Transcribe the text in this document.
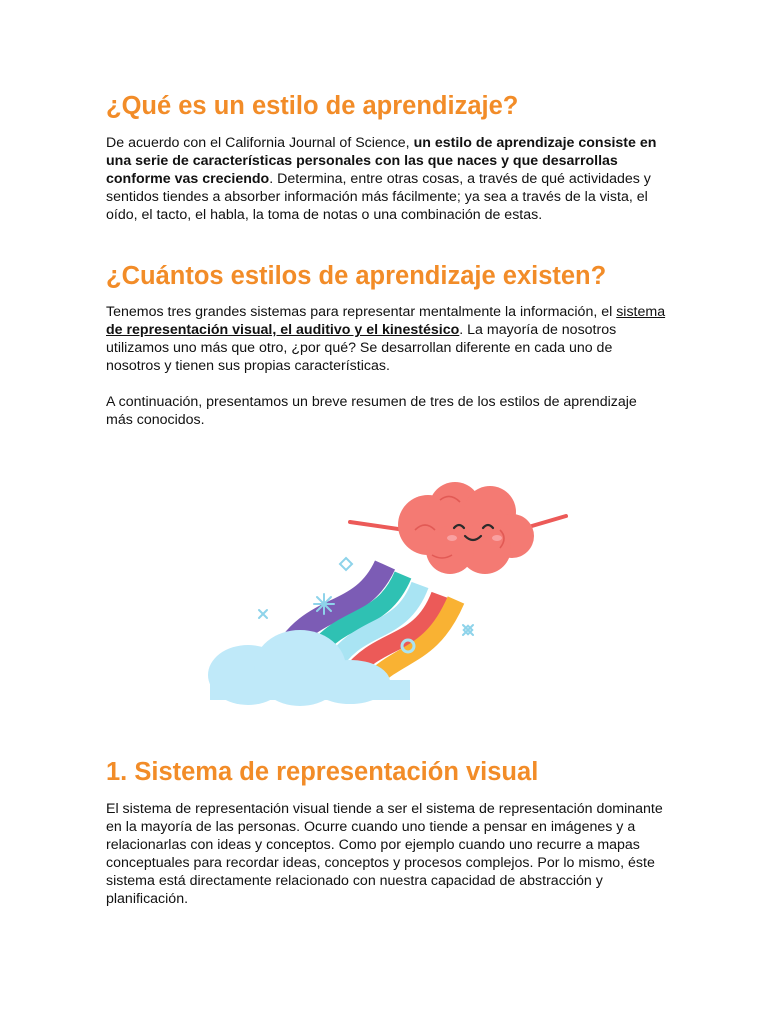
¿Qué es un estilo de aprendizaje?

De acuerdo con el California Journal of Science, un estilo de aprendizaje consiste en una serie de características personales con las que naces y que desarrollas conforme vas creciendo. Determina, entre otras cosas, a través de qué actividades y sentidos tiendes a absorber información más fácilmente; ya sea a través de la vista, el oído, el tacto, el habla, la toma de notas o una combinación de estas.

¿Cuántos estilos de aprendizaje existen?

Tenemos tres grandes sistemas para representar mentalmente la información, el sistema de representación visual, el auditivo y el kinestésico. La mayoría de nosotros utilizamos uno más que otro, ¿por qué? Se desarrollan diferente en cada uno de nosotros y tienen sus propias características.

A continuación, presentamos un breve resumen de tres de los estilos de aprendizaje más conocidos.

1. Sistema de representación visual

El sistema de representación visual tiende a ser el sistema de representación dominante en la mayoría de las personas. Ocurre cuando uno tiende a pensar en imágenes y a relacionarlas con ideas y conceptos. Como por ejemplo cuando uno recurre a mapas conceptuales para recordar ideas, conceptos y procesos complejos. Por lo mismo, éste sistema está directamente relacionado con nuestra capacidad de abstracción y planificación.
